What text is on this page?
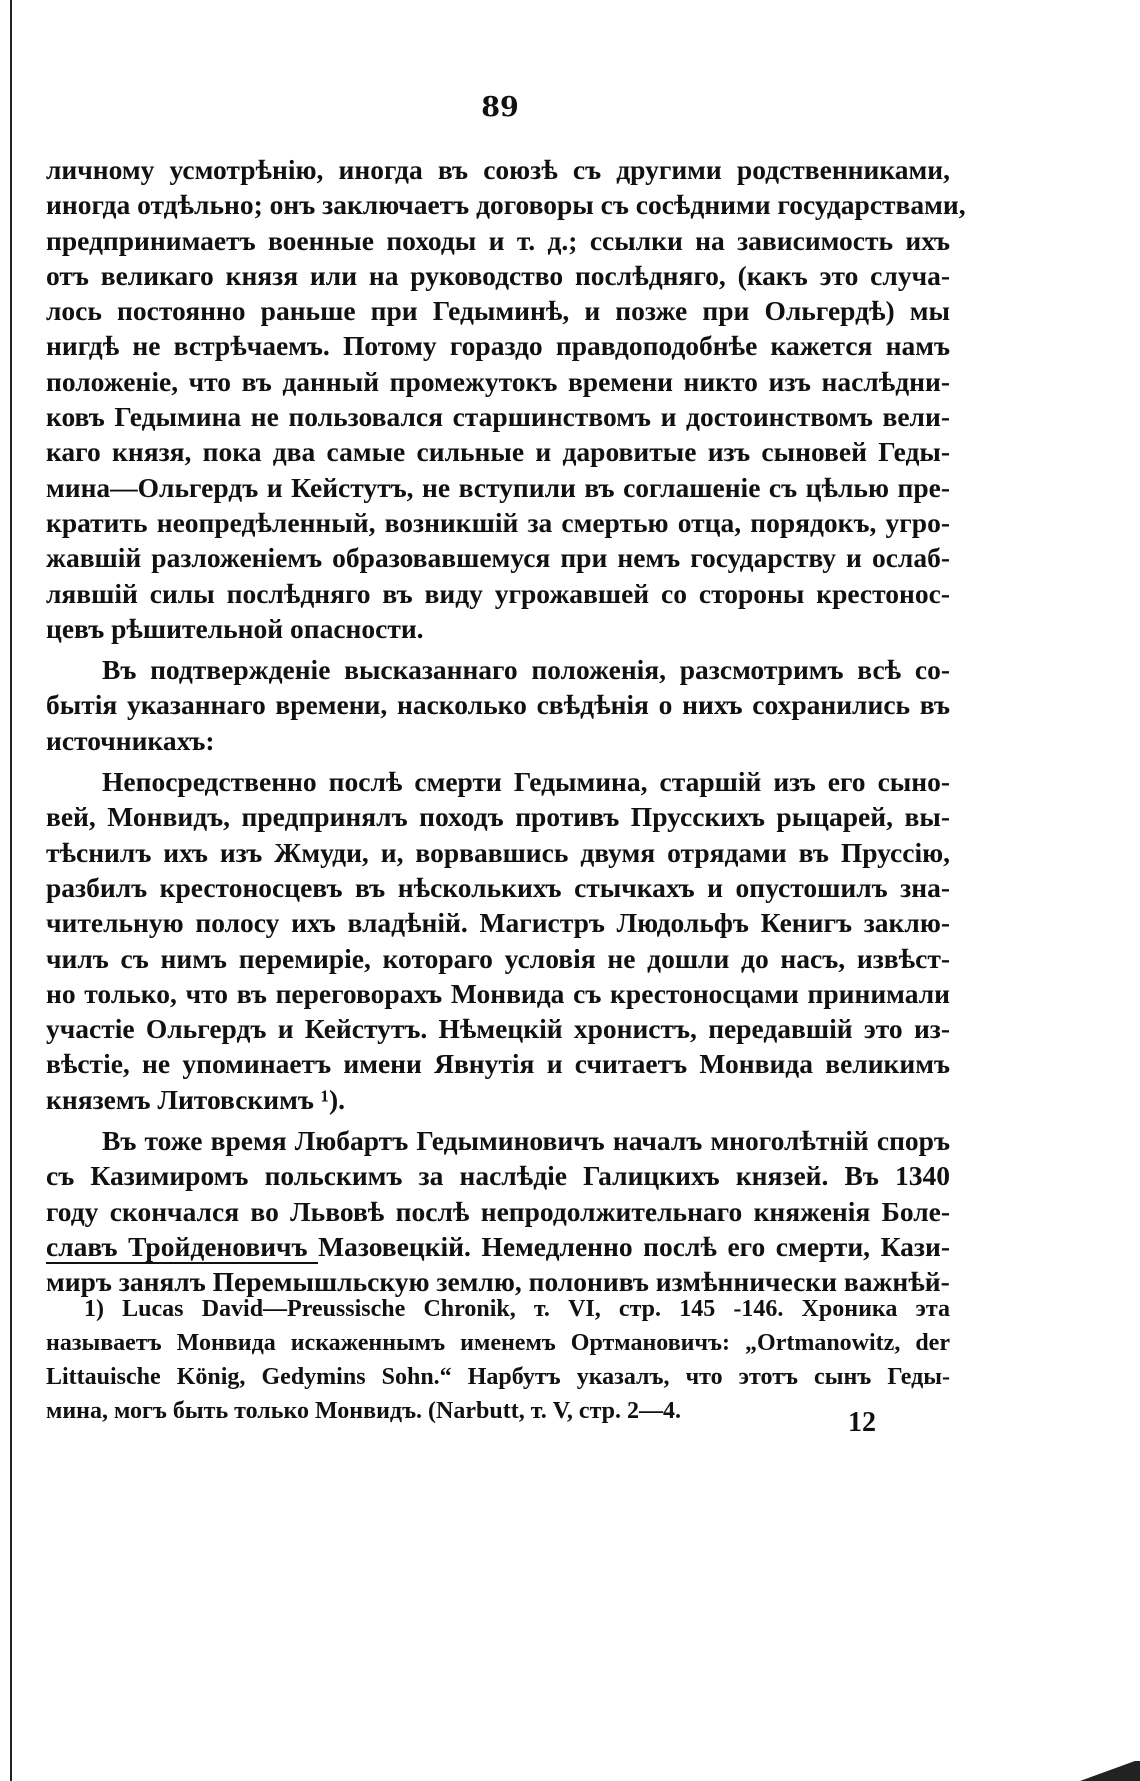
89
личному усмотрѣнію, иногда въ союзѣ съ другими родственниками,
иногда отдѣльно; онъ заключаетъ договоры съ сосѣдними государствами,
предпринимаетъ военные походы и т. д.; ссылки на зависимость ихъ
отъ великаго князя или на руководство послѣдняго, (какъ это случа-
лось постоянно раньше при Гедыминѣ, и позже при Ольгердѣ) мы
нигдѣ не встрѣчаемъ. Потому гораздо правдоподобнѣе кажется намъ
положеніе, что въ данный промежутокъ времени никто изъ наслѣдни-
ковъ Гедымина не пользовался старшинствомъ и достоинствомъ вели-
каго князя, пока два самые сильные и даровитые изъ сыновей Геды-
мина—Ольгердъ и Кейстутъ, не вступили въ соглашеніе съ цѣлью пре-
кратить неопредѣленный, возникшій за смертью отца, порядокъ, угро-
жавшій разложеніемъ образовавшемуся при немъ государству и ослаб-
лявшій силы послѣдняго въ виду угрожавшей со стороны крестонос-
цевъ рѣшительной опасности.
Въ подтвержденіе высказаннаго положенія, разсмотримъ всѣ со-
бытія указаннаго времени, насколько свѣдѣнія о нихъ сохранились въ
источникахъ:
Непосредственно послѣ смерти Гедымина, старшій изъ его сыно-
вей, Монвидъ, предпринялъ походъ противъ Прусскихъ рыцарей, вы-
тѣснилъ ихъ изъ Жмуди, и, ворвавшись двумя отрядами въ Пруссію,
разбилъ крестоносцевъ въ нѣсколькихъ стычкахъ и опустошилъ зна-
чительную полосу ихъ владѣній. Магистръ Людольфъ Кенигъ заклю-
чилъ съ нимъ перемиріе, котораго условія не дошли до насъ, извѣст-
но только, что въ переговорахъ Монвида съ крестоносцами принимали
участіе Ольгердъ и Кейстутъ. Нѣмецкій хронистъ, передавшій это из-
вѣстіе, не упоминаетъ имени Явнутія и считаетъ Монвида великимъ
княземъ Литовскимъ ¹).
Въ тоже время Любартъ Гедыминовичъ началъ многолѣтній споръ
съ Казимиромъ польскимъ за наслѣдіе Галицкихъ князей. Въ 1340
году скончался во Львовѣ послѣ непродолжительнаго княженія Боле-
славъ Тройденовичъ Мазовецкій. Немедленно послѣ его смерти, Кази-
миръ занялъ Перемышльскую землю, полонивъ измѣннически важнѣй-
1) Lucas David—Preussische Chronik, т. VI, стр. 145 -146. Хроника эта
называетъ Монвида искаженнымъ именемъ Ортмановичъ: „Ortmanowitz, der
Littauische König, Gedymins Sohn.“ Нарбутъ указалъ, что этотъ сынъ Геды-
мина, могъ быть только Монвидъ. (Narbutt, т. V, стр. 2—4.	12
